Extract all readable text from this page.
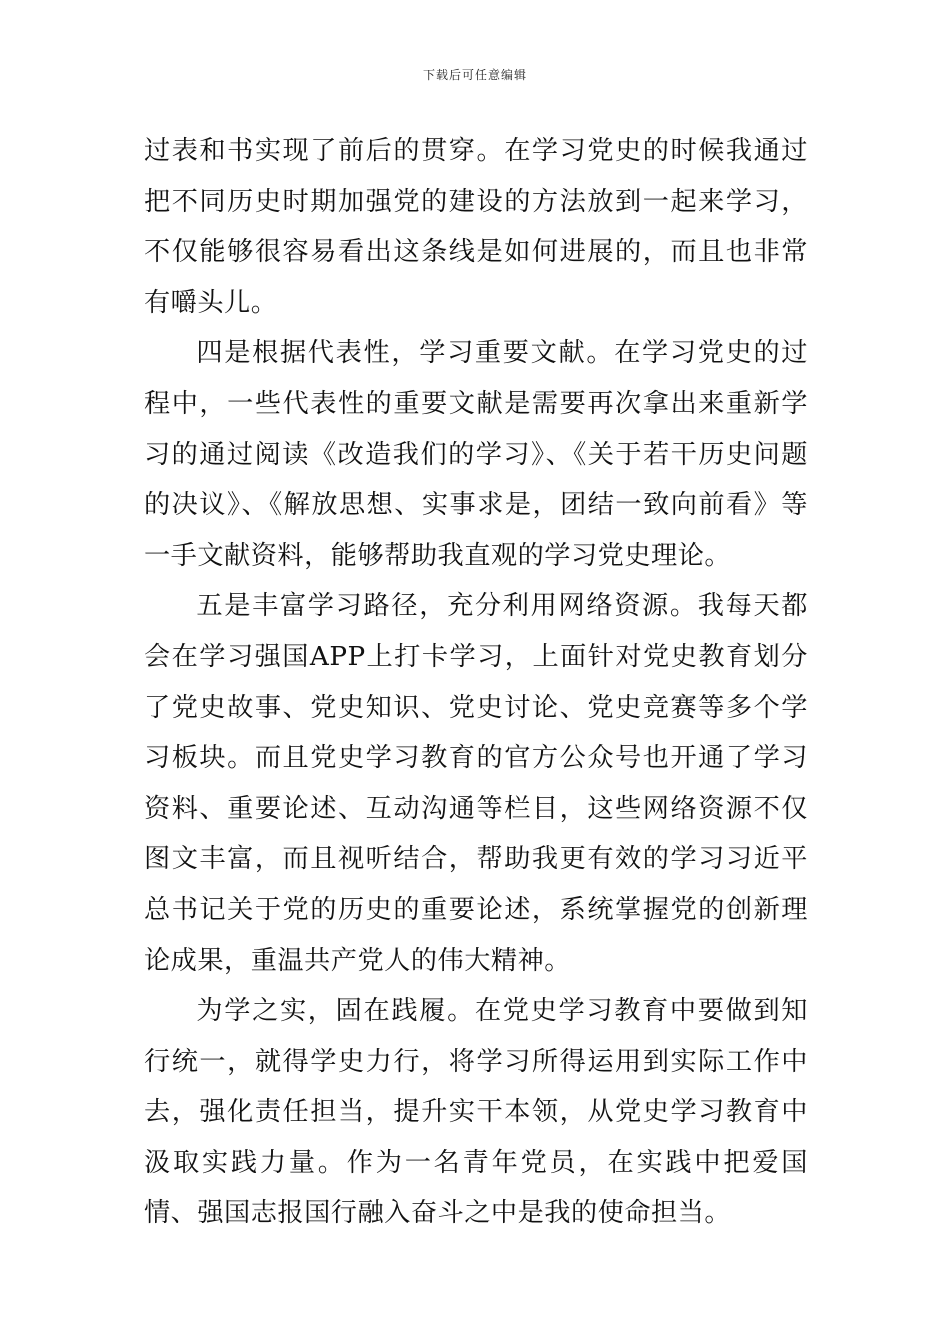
下载后可任意编辑

过表和书实现了前后的贯穿。在学习党史的时候我通过把不同历史时期加强党的建设的方法放到一起来学习，不仅能够很容易看出这条线是如何进展的，而且也非常有嚼头儿。

四是根据代表性，学习重要文献。在学习党史的过程中，一些代表性的重要文献是需要再次拿出来重新学习的通过阅读《改造我们的学习》、《关于若干历史问题的决议》、《解放思想、实事求是，团结一致向前看》等一手文献资料，能够帮助我直观的学习党史理论。

五是丰富学习路径，充分利用网络资源。我每天都会在学习强国APP上打卡学习，上面针对党史教育划分了党史故事、党史知识、党史讨论、党史竞赛等多个学习板块。而且党史学习教育的官方公众号也开通了学习资料、重要论述、互动沟通等栏目，这些网络资源不仅图文丰富，而且视听结合，帮助我更有效的学习习近平总书记关于党的历史的重要论述，系统掌握党的创新理论成果，重温共产党人的伟大精神。

为学之实，固在践履。在党史学习教育中要做到知行统一，就得学史力行，将学习所得运用到实际工作中去，强化责任担当，提升实干本领，从党史学习教育中汲取实践力量。作为一名青年党员，在实践中把爱国情、强国志报国行融入奋斗之中是我的使命担当。
